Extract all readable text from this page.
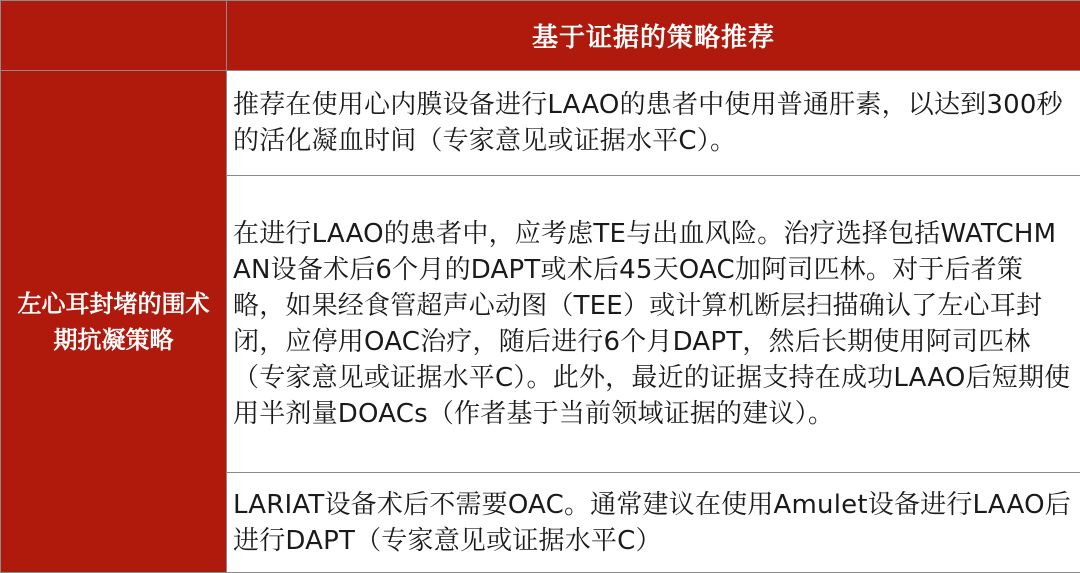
	基于证据的策略推荐
左心耳封堵的围术期抗凝策略	推荐在使用心内膜设备进行LAAO的患者中使用普通肝素，以达到300秒的活化凝血时间（专家意见或证据水平C）。
	在进行LAAO的患者中，应考虑TE与出血风险。治疗选择包括WATCHMAN设备术后6个月的DAPT或术后45天OAC加阿司匹林。对于后者策略，如果经食管超声心动图（TEE）或计算机断层扫描确认了左心耳封闭，应停用OAC治疗，随后进行6个月DAPT，然后长期使用阿司匹林（专家意见或证据水平C）。此外，最近的证据支持在成功LAAO后短期使用半剂量DOACs（作者基于当前领域证据的建议）。
	LARIAT设备术后不需要OAC。通常建议在使用Amulet设备进行LAAO后进行DAPT（专家意见或证据水平C）
